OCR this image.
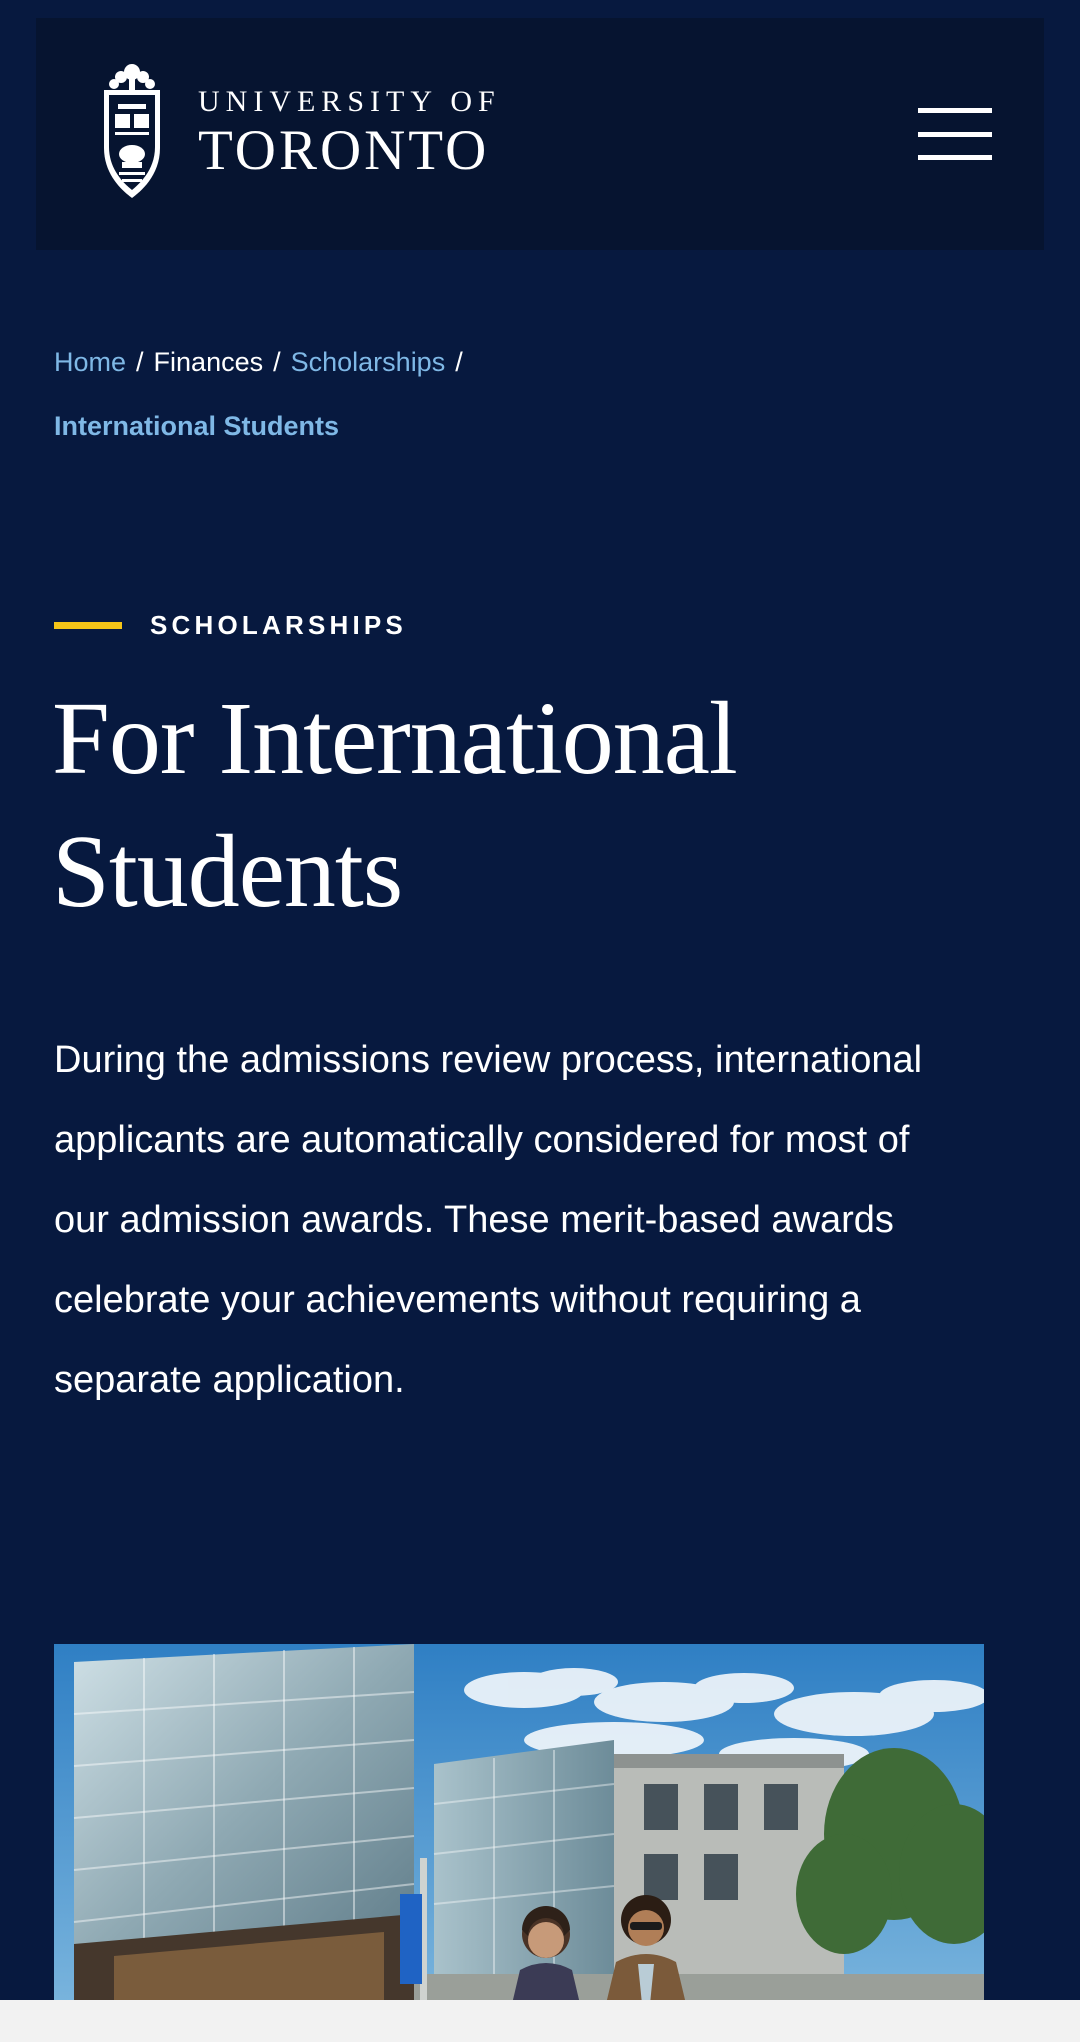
UNIVERSITY OF
TORONTO
Home / Finances / Scholarships /
International Students
SCHOLARSHIPS
For International Students

During the admissions review process, international applicants are automatically considered for most of our admission awards. These merit-based awards celebrate your achievements without requiring a separate application.
